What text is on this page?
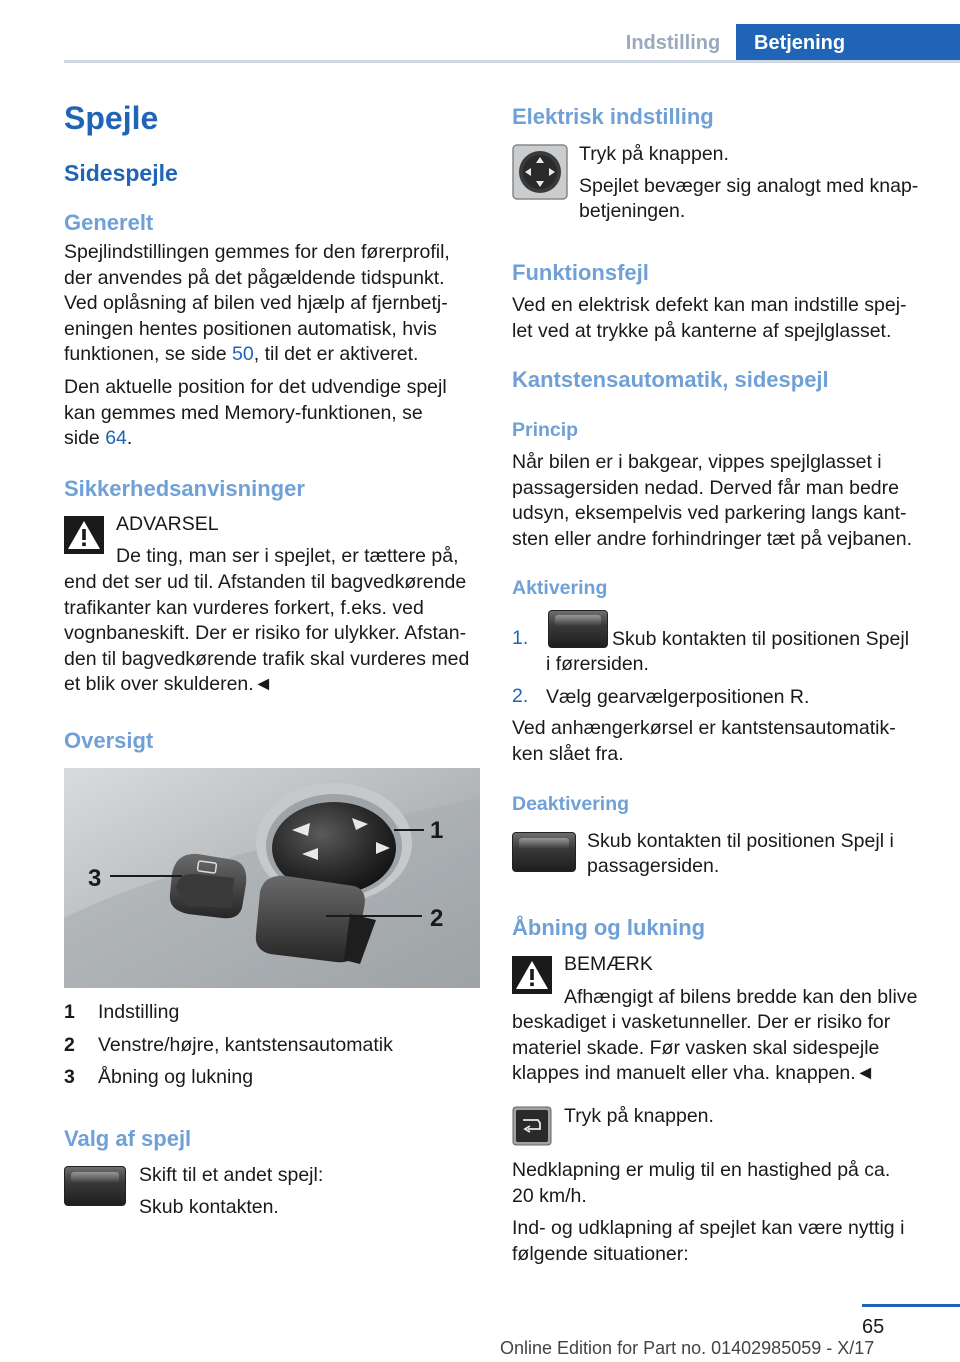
Indstilling	Betjening
Spejle
Sidespejle
Generelt
Spejlindstillingen gemmes for den førerprofil,
der anvendes på det pågældende tidspunkt.
Ved oplåsning af bilen ved hjælp af fjernbetj‐
eningen hentes positionen automatisk, hvis
funktionen, se side 50, til det er aktiveret.
Den aktuelle position for det udvendige spejl
kan gemmes med Memory-funktionen, se
side 64.
Sikkerhedsanvisninger
ADVARSEL
De ting, man ser i spejlet, er tættere på,
end det ser ud til. Afstanden til bagvedkørende
trafikanter kan vurderes forkert, f.eks. ved
vognbaneskift. Der er risiko for ulykker. Afstan‐
den til bagvedkørende trafik skal vurderes med
et blik over skulderen.◄
Oversigt
1
2
3
1 Indstilling
2 Venstre/højre, kantstensautomatik
3 Åbning og lukning
Valg af spejl
Skift til et andet spejl:
Skub kontakten.
Elektrisk indstilling
Tryk på knappen.
Spejlet bevæger sig analogt med knap‐
betjeningen.
Funktionsfejl
Ved en elektrisk defekt kan man indstille spej‐
let ved at trykke på kanterne af spejlglasset.
Kantstensautomatik, sidespejl
Princip
Når bilen er i bakgear, vippes spejlglasset i
passagersiden nedad. Derved får man bedre
udsyn, eksempelvis ved parkering langs kant‐
sten eller andre forhindringer tæt på vejbanen.
Aktivering
1.	Skub kontakten til positionen Spejl
i førersiden.
2. Vælg gearvælgerpositionen R.
Ved anhængerkørsel er kantstensautomatik‐
ken slået fra.
Deaktivering
Skub kontakten til positionen Spejl i
passagersiden.
Åbning og lukning
BEMÆRK
Afhængigt af bilens bredde kan den blive
beskadiget i vasketunneller. Der er risiko for
materiel skade. Før vasken skal sidespejle
klappes ind manuelt eller vha. knappen.◄
Tryk på knappen.
Nedklapning er mulig til en hastighed på ca.
20 km/h.
Ind- og udklapning af spejlet kan være nyttig i
følgende situationer:
65
Online Edition for Part no. 01402985059 - X/17
